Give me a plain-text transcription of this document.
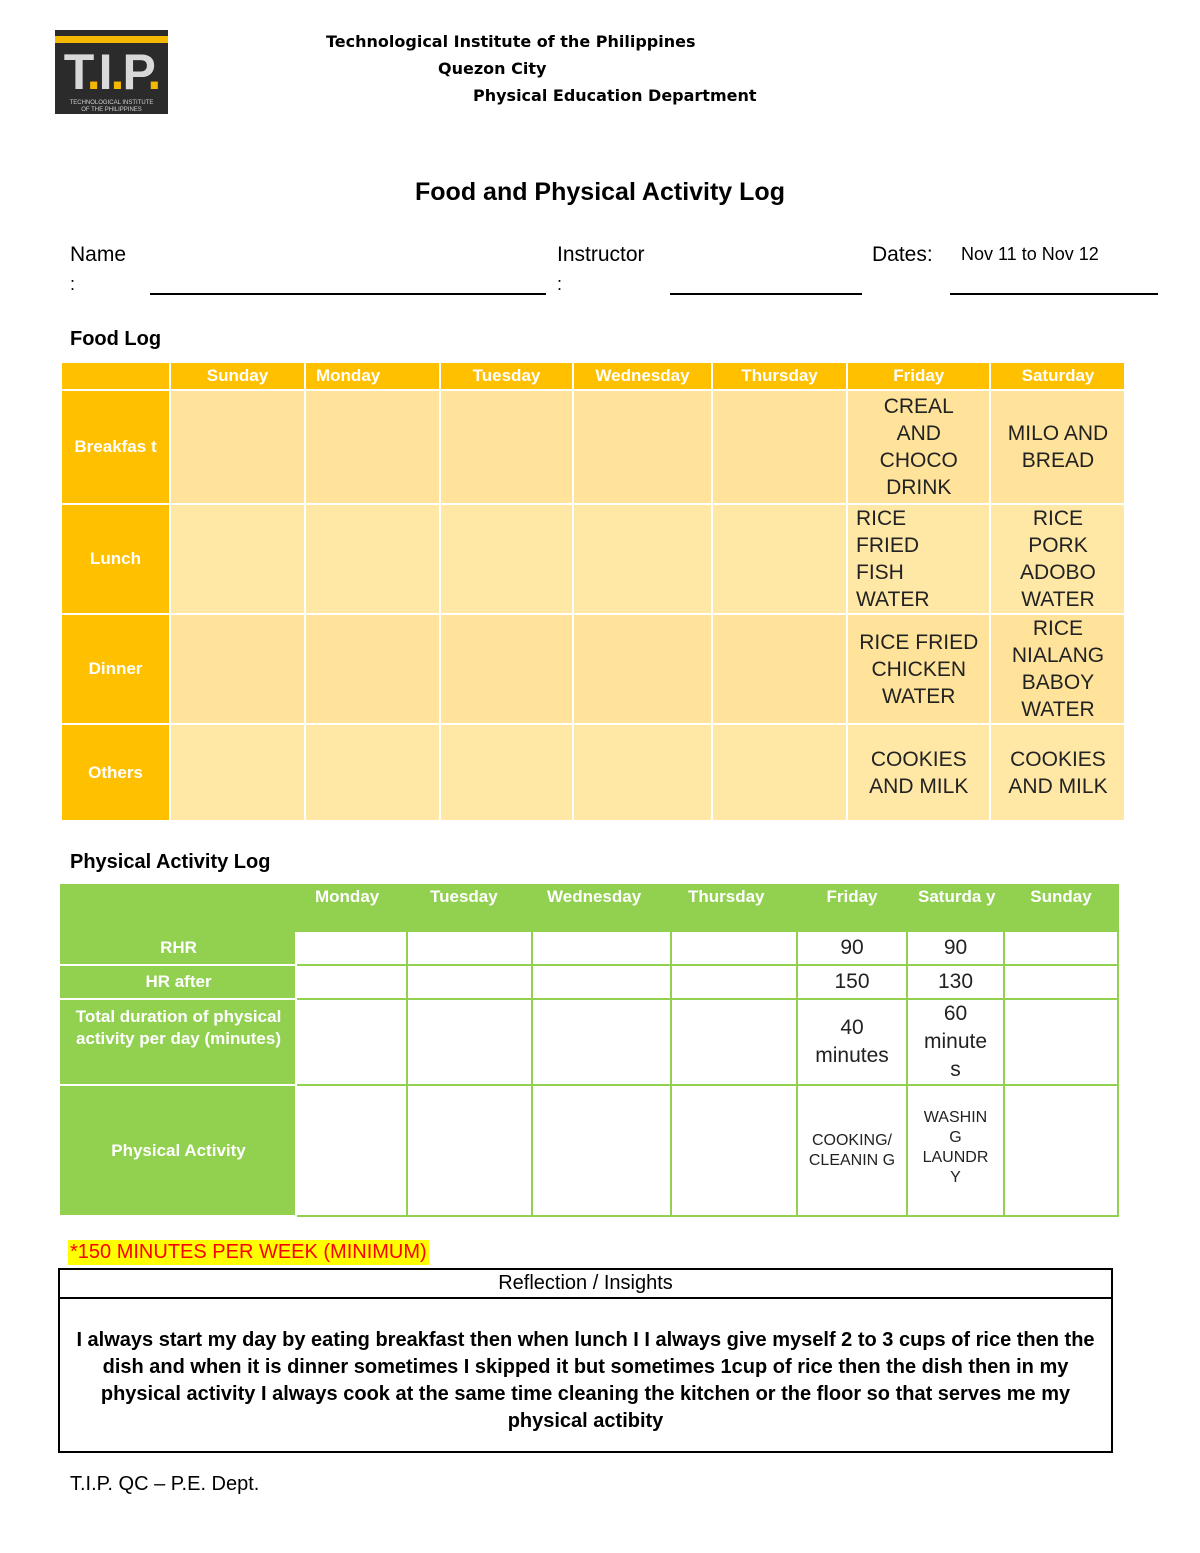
T.I.P.
TECHNOLOGICAL INSTITUTE
OF THE PHILIPPINES
Technological Institute of the Philippines
Quezon City
Physical Education Department
Food and Physical Activity Log
Name
:
Instructor
:
Dates: Nov 11 to Nov 12
Food Log
	Sunday	Monday	Tuesday	Wednesday	Thursday	Friday	Saturday
Breakfas t						CREAL AND CHOCO DRINK	MILO AND BREAD
Lunch						RICE FRIED FISH WATER	RICE PORK ADOBO WATER
Dinner						RICE FRIED CHICKEN WATER	RICE NIALANG BABOY WATER
Others						COOKIES AND MILK	COOKIES AND MILK
Physical Activity Log
	Monday	Tuesday	Wednesday	Thursday	Friday	Saturda y	Sunday
RHR					90	90	
HR after					150	130	
Total duration of physical activity per day (minutes)					40 minutes	60 minute s	
Physical Activity					COOKING/ CLEANIN G	WASHIN G LAUNDR Y	
*150 MINUTES PER WEEK (MINIMUM)
Reflection / Insights
I always start my day by eating breakfast then when lunch I I always give myself 2 to 3 cups of rice then the dish and when it is dinner sometimes I skipped it but sometimes 1cup of rice then the dish then in my physical activity I always cook at the same time cleaning the kitchen or the floor so that serves me my physical actibity
T.I.P. QC – P.E. Dept.
